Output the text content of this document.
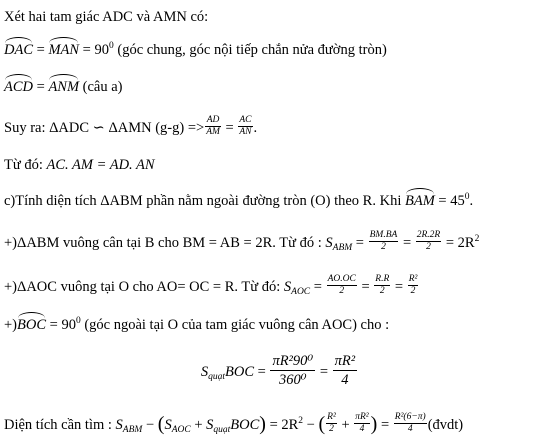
Xét hai tam giác ADC và AMN có:
DAC = MAN = $90^0$ (góc chung, góc nội tiếp chắn nửa đường tròn)
ACD = ANM (câu a)
Suy ra: ΔADC ∽ ΔAMN $(g-g) => \frac{AD}{AM} = \frac{AC}{AN}$ .
Từ đó: AC. AM = AD. AN
c)Tính diện tích ΔABM phần nằm ngoài đường tròn (O) theo R. Khi BAM = $45^0$.
+)ΔABM vuông cân tại B cho BM = AB = 2R. Từ đó : $S_{ABM} = \frac{BM.BA}{2} = \frac{2R.2R}{2} = 2R^2$
+)ΔAOC vuông tại O cho AO= OC = R. Từ đó: $S_{AOC} = \frac{AO.OC}{2} = \frac{R.R}{2} = \frac{\text{R²}}{2}$
$+)BOC = 90^0$ (góc ngoài tại O của tam giác vuông cân AOC) cho :
$S_{quạt}BOC = \frac{\text{πR²90⁰}}{\text{360⁰}} = \frac{\text{πR²}}{4}$
Diện tích cần tìm : $S_{ABM} - (S_{AOC} + S_{quạt}BOC) = 2R^2$ − ( $\frac{\text{R²}}{2} + \frac{\text{πR²}}{4}$ ) = $\frac{\text{R²(6−π)}}{4}$ (đvdt)
